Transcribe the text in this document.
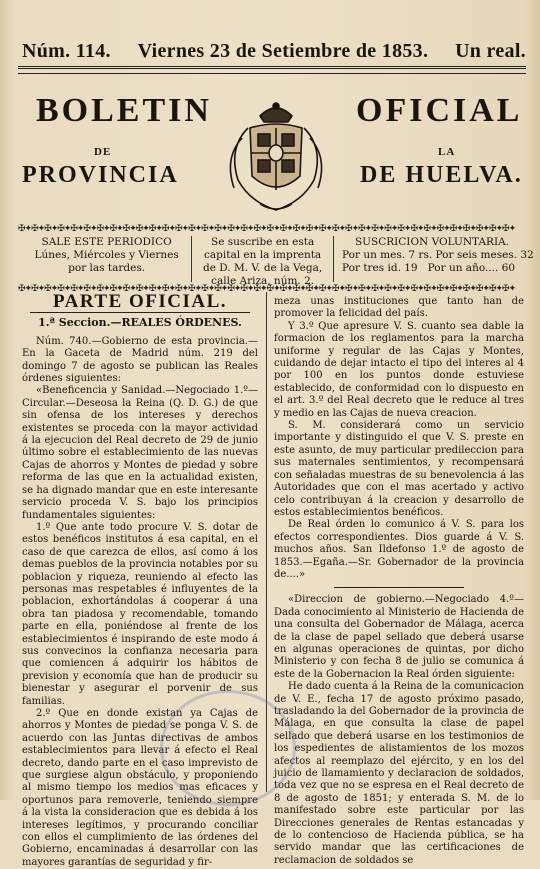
Núm. 114. Viernes 23 de Setiembre de 1853. Un real.
BOLETIN
DE
PROVINCIA
OFICIAL
LA
DE HUELVA.
✠✦✠✦✠✦✠✦✠✦✠✦✠✦✠✦✠✦✠✦✠✦✠✦✠✦✠✦✠✦✠✦✠✦✠✦✠✦✠✦✠✦✠✦✠✦✠✦✠✦✠✦✠✦✠✦✠✦✠✦✠✦✠✦✠✦✠✦✠✦✠✦✠✦✠✦
SALE ESTE PERIODICO
Lúnes, Miércoles y Viernes
por las tardes.
Se suscribe en esta capital en la imprenta de D. M. V. de la Vega, calle Ariza, núm. 2.
SUSCRICION VOLUNTARIA.
Por un mes. 7 rs. Por seis meses. 32
Por tres id. 19   Por un año.... 60
✠✦✠✦✠✦✠✦✠✦✠✦✠✦✠✦✠✦✠✦✠✦✠✦✠✦✠✦✠✦✠✦✠✦✠✦✠✦✠✦✠✦✠✦✠✦✠✦✠✦✠✦✠✦✠✦✠✦✠✦✠✦✠✦✠✦✠✦✠✦✠✦✠✦✠✦
PARTE OFICIAL.
1.ª Seccion.—REALES ÓRDENES.

Núm. 740.—Gobierno de esta provincia.—En la Gaceta de Madrid núm. 219 del domingo 7 de agosto se publican las Reales órdenes siguientes:

«Beneficencia y Sanidad.—Negociado 1.º—Circular.—Deseosa la Reina (Q. D. G.) de que sin ofensa de los intereses y derechos existentes se proceda con la mayor actividad á la ejecucion del Real decreto de 29 de junio último sobre el establecimiento de las nuevas Cajas de ahorros y Montes de piedad y sobre reforma de las que en la actualidad existen, se ha dignado mandar que en este interesante servicio proceda V. S. bajo los principios fundamentales siguientes:

1.º Que ante todo procure V. S. dotar de estos benéficos institutos á esa capital, en el caso de que carezca de ellos, así como á los demas pueblos de la provincia notables por su poblacion y riqueza, reuniendo al efecto las personas mas respetables é influyentes de la poblacion, exhortándolas á cooperar á una obra tan piadosa y recomendable, tomando parte en ella, poniéndose al frente de los establecimientos é inspirando de este modo á sus convecinos la confianza necesaria para que comiencen á adquirir los hábitos de prevision y economía que han de producir su bienestar y asegurar el porvenir de sus familias.

2.º Que en donde existan ya Cajas de ahorros y Montes de piedad se ponga V. S. de acuerdo con las Juntas directivas de ambos establecimientos para llevar á efecto el Real decreto, dando parte en el caso imprevisto de que surgiese algun obstáculo, y proponiendo al mismo tiempo los medios mas eficaces y oportunos para removerle, teniendo siempre á la vista la consideracion que es debida á los intereses legítimos, y procurando conciliar con ellos el cumplimiento de las órdenes del Gobierno, encaminadas á desarrollar con las mayores garantías de seguridad y fir-

meza unas instituciones que tanto han de promover la felicidad del país.

Y 3.º Que apresure V. S. cuanto sea dable la formacion de los reglamentos para la marcha uniforme y regular de las Cajas y Montes, cuidando de dejar intacto el tipo del interes al 4 por 100 en los puntos donde estuviese establecido, de conformidad con lo dispuesto en el art. 3.º del Real decreto que le reduce al tres y medio en las Cajas de nueva creacion.

S. M. considerará como un servicio importante y distinguido el que V. S. preste en este asunto, de muy particular predileccion para sus maternales sentimientos, y recompensará con señaladas muestras de su benevolencia á las Autoridades que con el mas acertado y activo celo contribuyan á la creacion y desarrollo de estos establecimientos benéficos.

De Real órden lo comunico á V. S. para los efectos correspondientes. Dios guarde á V. S. muchos años. San Ildefonso 1.º de agosto de 1853.—Egaña.—Sr. Gobernador de la provincia de....»

«Direccion de gobierno.—Negociado 4.º—Dada conocimiento al Ministerio de Hacienda de una consulta del Gobernador de Málaga, acerca de la clase de papel sellado que deberá usarse en algunas operaciones de quintas, por dicho Ministerio y con fecha 8 de julio se comunica á este de la Gobernacion la Real órden siguiente:

He dado cuenta á la Reina de la comunicacion de V. E., fecha 17 de agosto próximo pasado, trasladando la del Gobernador de la provincia de Málaga, en que consulta la clase de papel sellado que deberá usarse en los testimonios de los espedientes de alistamientos de los mozos afectos al reemplazo del ejército, y en los del juicio de llamamiento y declaracion de soldados, toda vez que no se espresa en el Real decreto de 8 de agosto de 1851; y enterada S. M. de lo manifestado sobre este particular por las Direcciones generales de Rentas estancadas y de lo contencioso de Hacienda pública, se ha servido mandar que las certificaciones de reclamacion de soldados se
